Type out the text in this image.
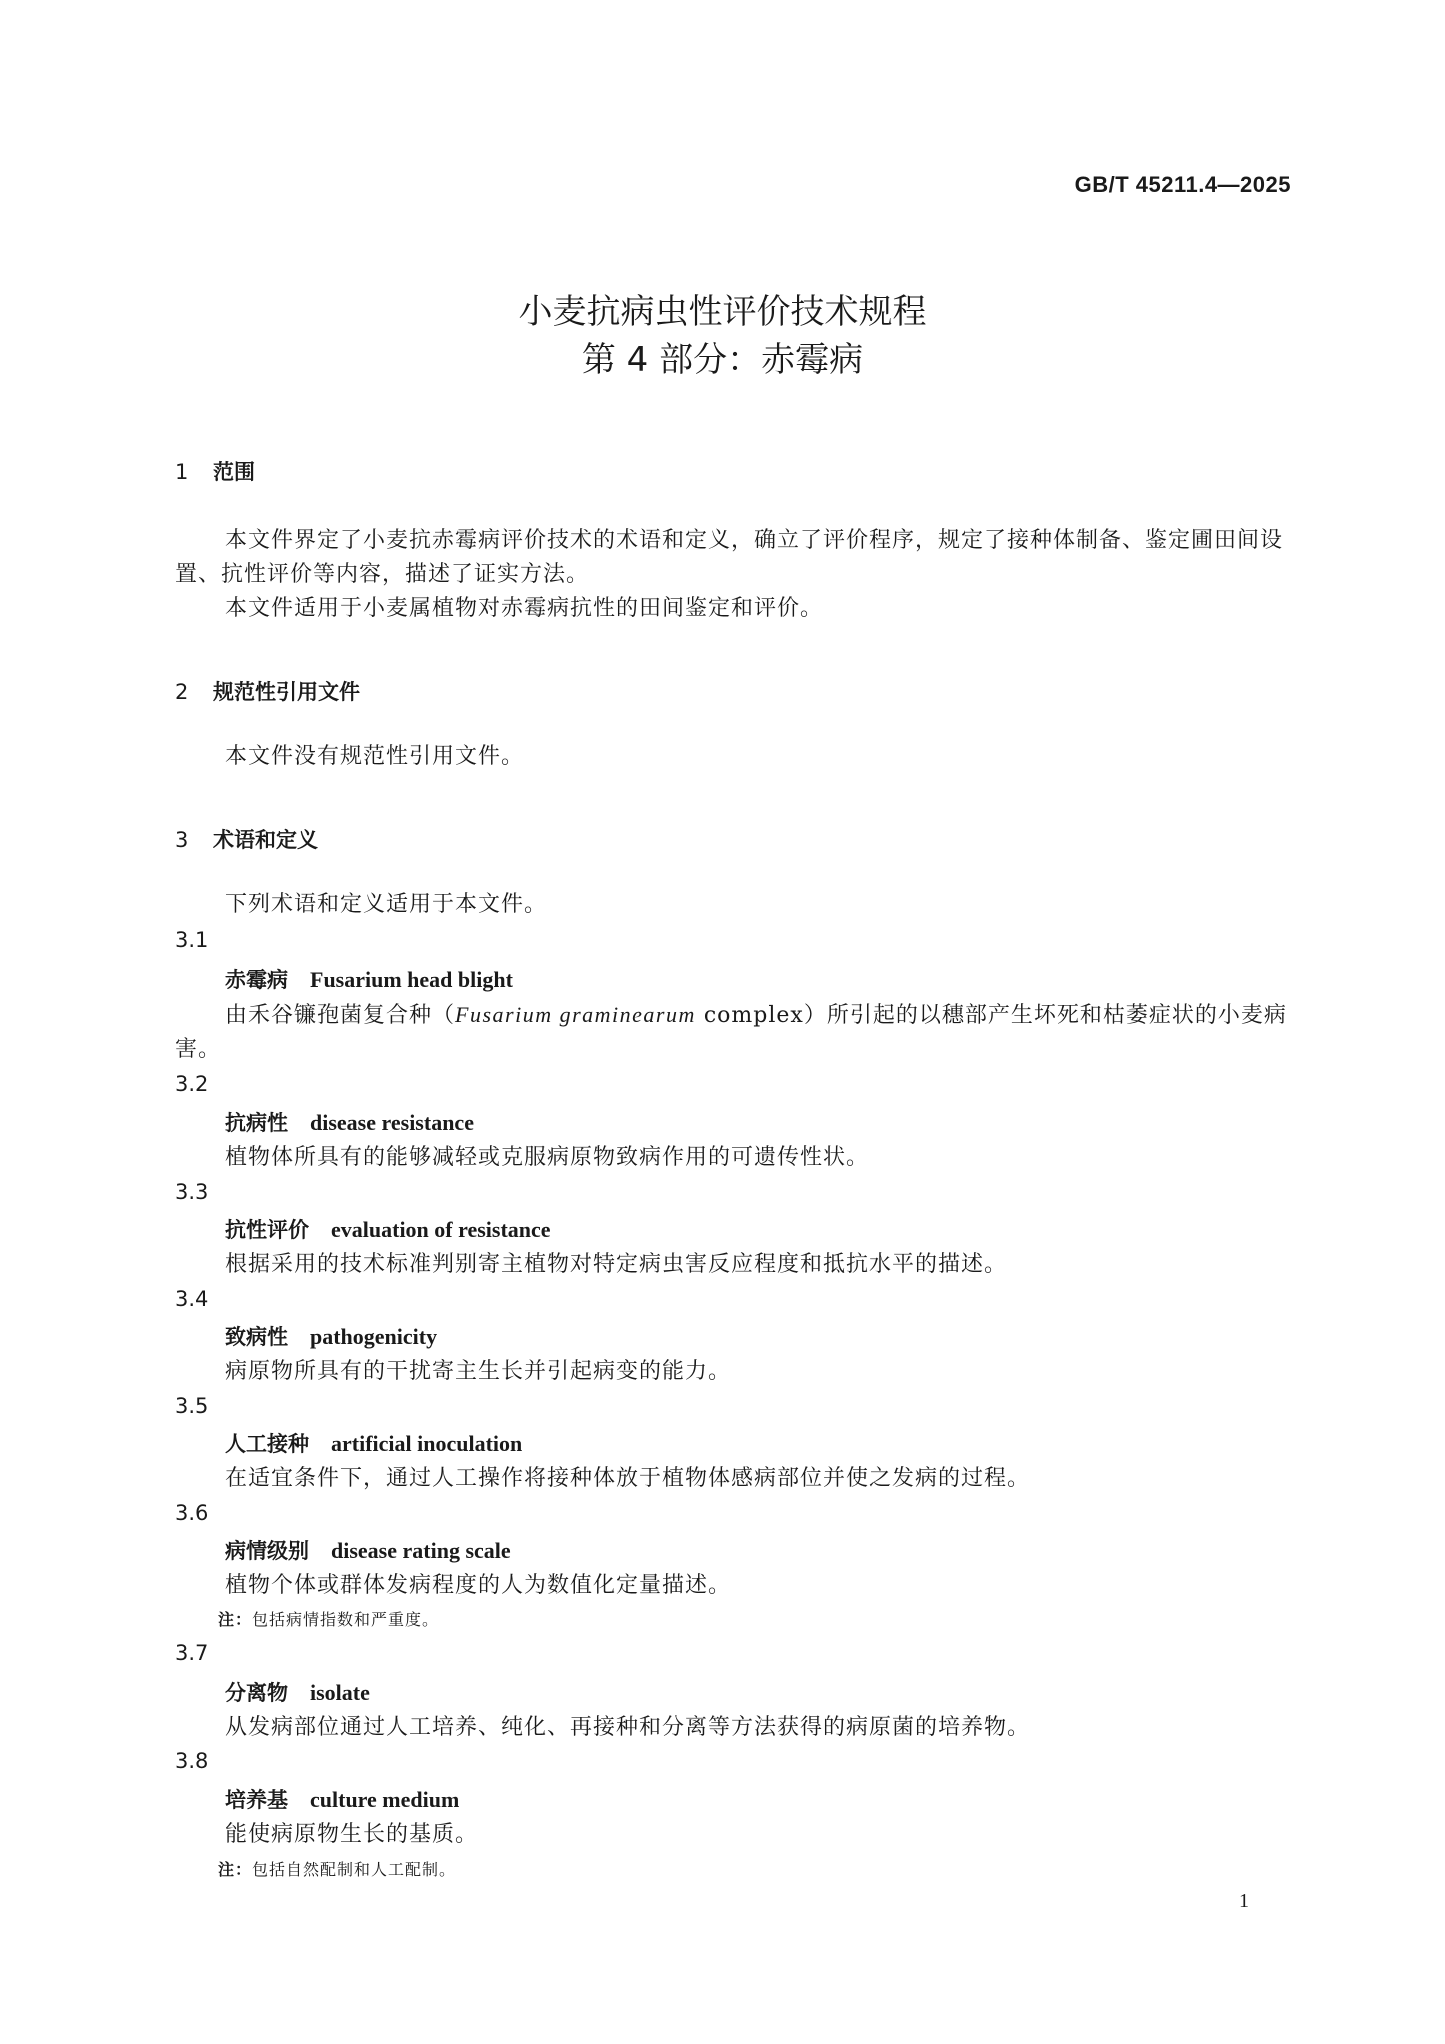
GB/T 45211.4—2025
小麦抗病虫性评价技术规程
第 4 部分：赤霉病
1 范围
本文件界定了小麦抗赤霉病评价技术的术语和定义，确立了评价程序，规定了接种体制备、鉴定圃田间设置、抗性评价等内容，描述了证实方法。
本文件适用于小麦属植物对赤霉病抗性的田间鉴定和评价。
2 规范性引用文件
本文件没有规范性引用文件。
3 术语和定义
下列术语和定义适用于本文件。
3.1
赤霉病 Fusarium head blight
由禾谷镰孢菌复合种（Fusarium graminearum complex）所引起的以穗部产生坏死和枯萎症状的小麦病害。
3.2
抗病性 disease resistance
植物体所具有的能够减轻或克服病原物致病作用的可遗传性状。
3.3
抗性评价 evaluation of resistance
根据采用的技术标准判别寄主植物对特定病虫害反应程度和抵抗水平的描述。
3.4
致病性 pathogenicity
病原物所具有的干扰寄主生长并引起病变的能力。
3.5
人工接种 artificial inoculation
在适宜条件下，通过人工操作将接种体放于植物体感病部位并使之发病的过程。
3.6
病情级别 disease rating scale
植物个体或群体发病程度的人为数值化定量描述。
注：包括病情指数和严重度。
3.7
分离物 isolate
从发病部位通过人工培养、纯化、再接种和分离等方法获得的病原菌的培养物。
3.8
培养基 culture medium
能使病原物生长的基质。
注：包括自然配制和人工配制。
1
